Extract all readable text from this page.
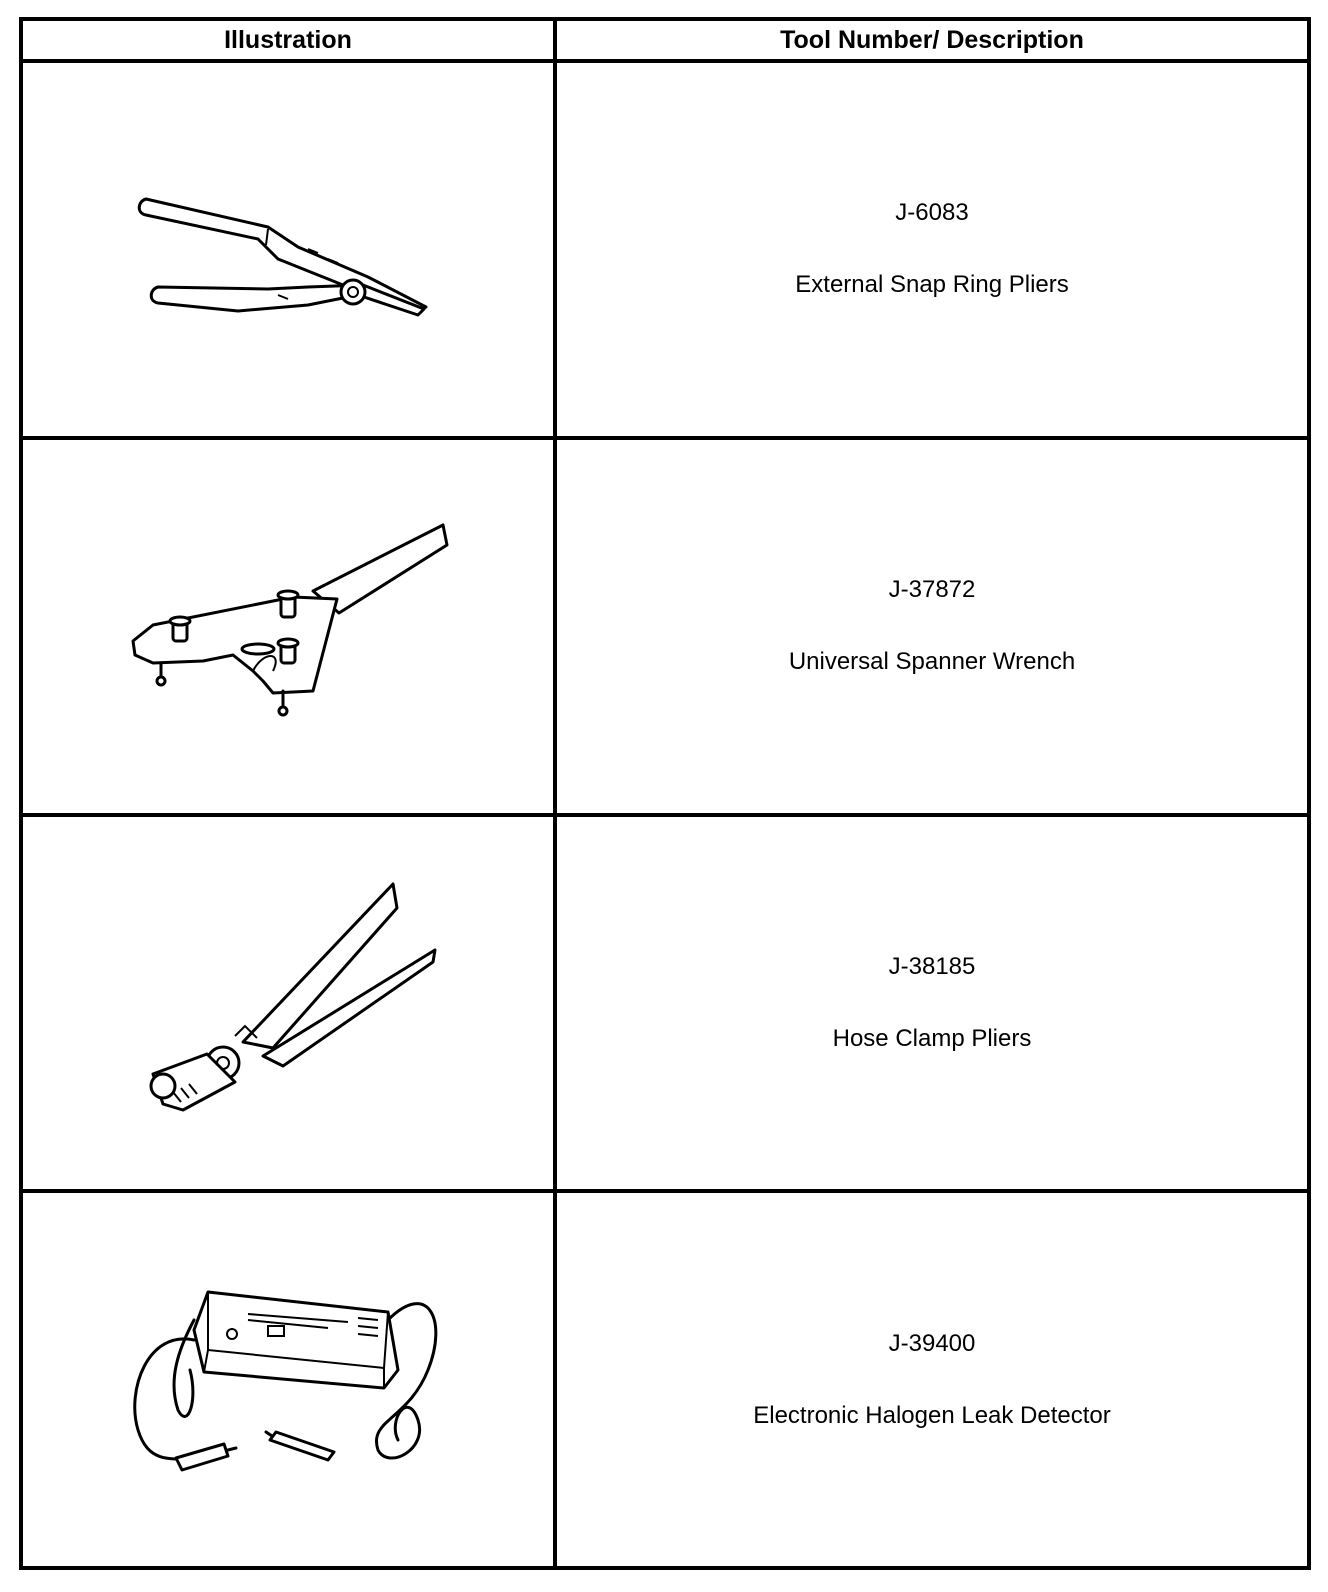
Illustration	Tool Number/ Description

J-6083
External Snap Ring Pliers

J-37872
Universal Spanner Wrench

J-38185
Hose Clamp Pliers

J-39400
Electronic Halogen Leak Detector
